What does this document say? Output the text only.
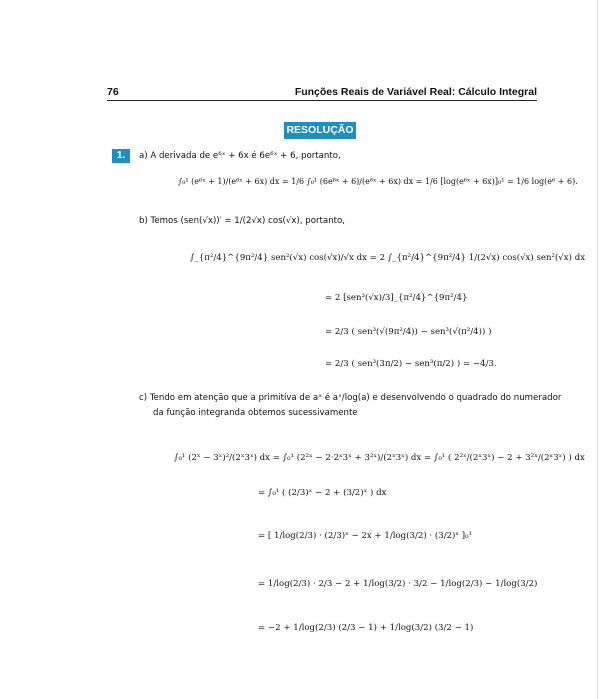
76	Funções Reais de Variável Real: Cálculo Integral
RESOLUÇÃO
1.	a) A derivada de e⁶ˣ + 6x é 6e⁶ˣ + 6, portanto,
∫₀¹ (e⁶ˣ + 1)/(e⁶ˣ + 6x) dx = 1/6 ∫₀¹ (6e⁶ˣ + 6)/(e⁶ˣ + 6x) dx = 1/6 [log(e⁶ˣ + 6x)]₀¹ = 1/6 log(e⁶ + 6).
b) Temos (sen(√x))′ = 1/(2√x) cos(√x), portanto,
∫_{π²/4}^{9π²/4} sen²(√x) cos(√x)/√x dx = 2 ∫_{π²/4}^{9π²/4} 1/(2√x) cos(√x) sen²(√x) dx
= 2 [sen³(√x)/3]_{π²/4}^{9π²/4}
= 2/3 ( sen³(√(9π²/4)) − sen³(√(π²/4)) )
= 2/3 ( sen³(3π/2) − sen³(π/2) ) = −4/3.
c) Tendo em atenção que a primitiva de aˣ é aˣ/log(a) e desenvolvendo o quadrado do numerador
da função integranda obtemos sucessivamente
∫₀¹ (2ˣ − 3ˣ)²/(2ˣ3ˣ) dx = ∫₀¹ (2²ˣ − 2·2ˣ3ˣ + 3²ˣ)/(2ˣ3ˣ) dx = ∫₀¹ ( 2²ˣ/(2ˣ3ˣ) − 2 + 3²ˣ/(2ˣ3ˣ) ) dx
= ∫₀¹ ( (2/3)ˣ − 2 + (3/2)ˣ ) dx
= [ 1/log(2/3) · (2/3)ˣ − 2x + 1/log(3/2) · (3/2)ˣ ]₀¹
= 1/log(2/3) · 2/3 − 2 + 1/log(3/2) · 3/2 − 1/log(2/3) − 1/log(3/2)
= −2 + 1/log(2/3) (2/3 − 1) + 1/log(3/2) (3/2 − 1)
